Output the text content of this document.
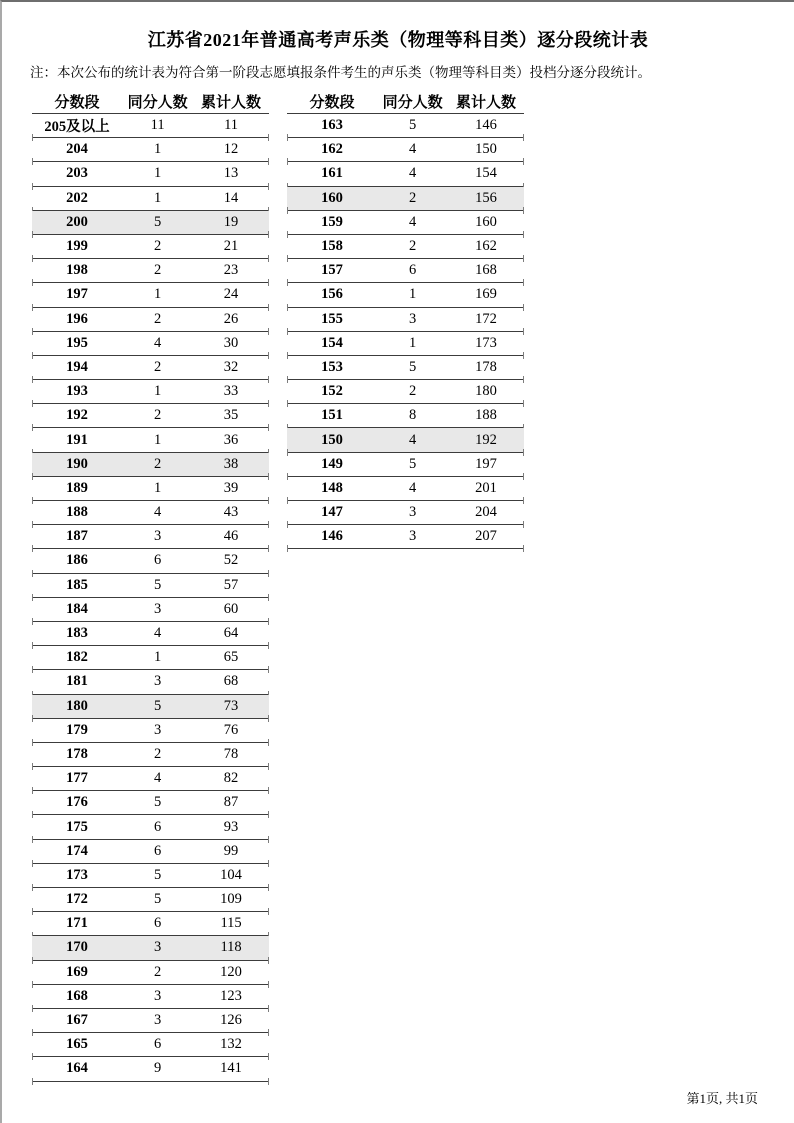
江苏省2021年普通高考声乐类（物理等科目类）逐分段统计表
注：本次公布的统计表为符合第一阶段志愿填报条件考生的声乐类（物理等科目类）投档分逐分段统计。
分数段	同分人数 累计人数
205及以上	11	11
204	1	12
203	1	13
202	1	14
200	5	19
199	2	21
198	2	23
197	1	24
196	2	26
195	4	30
194	2	32
193	1	33
192	2	35
191	1	36
190	2	38
189	1	39
188	4	43
187	3	46
186	6	52
185	5	57
184	3	60
183	4	64
182	1	65
181	3	68
180	5	73
179	3	76
178	2	78
177	4	82
176	5	87
175	6	93
174	6	99
173	5	104
172	5	109
171	6	115
170	3	118
169	2	120
168	3	123
167	3	126
165	6	132
164	9	141
分数段	同分人数 累计人数
163	5	146
162	4	150
161	4	154
160	2	156
159	4	160
158	2	162
157	6	168
156	1	169
155	3	172
154	1	173
153	5	178
152	2	180
151	8	188
150	4	192
149	5	197
148	4	201
147	3	204
146	3	207
第1页, 共1页
